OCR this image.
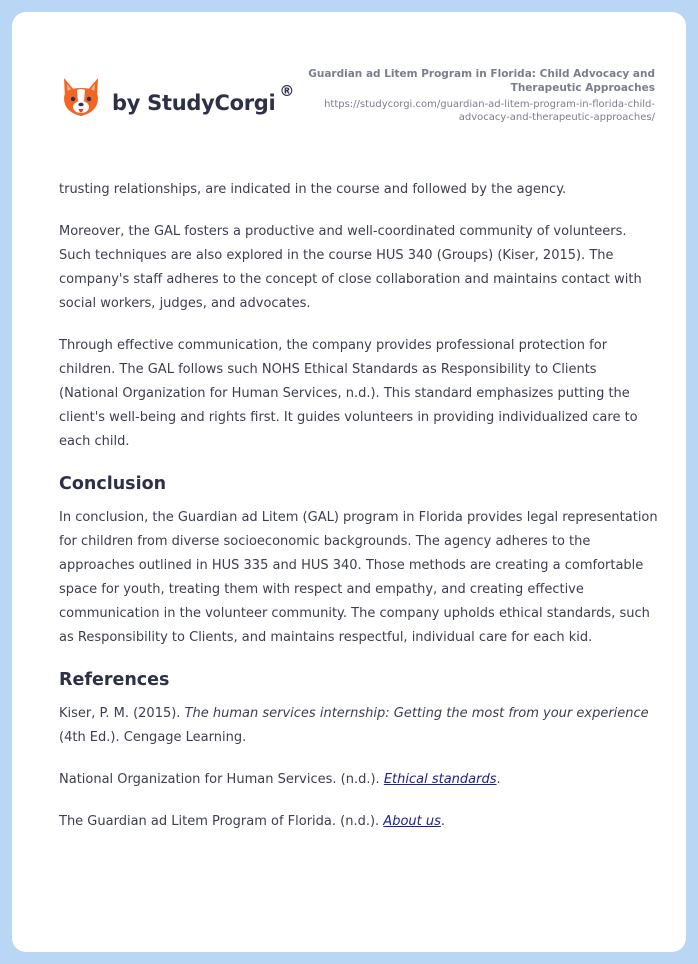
by StudyCorgi ®
Guardian ad Litem Program in Florida: Child Advocacy and Therapeutic Approaches
https://studycorgi.com/guardian-ad-litem-program-in-florida-child-advocacy-and-therapeutic-approaches/

trusting relationships, are indicated in the course and followed by the agency.

Moreover, the GAL fosters a productive and well-coordinated community of volunteers. Such techniques are also explored in the course HUS 340 (Groups) (Kiser, 2015). The company's staff adheres to the concept of close collaboration and maintains contact with social workers, judges, and advocates.

Through effective communication, the company provides professional protection for children. The GAL follows such NOHS Ethical Standards as Responsibility to Clients (National Organization for Human Services, n.d.). This standard emphasizes putting the client's well-being and rights first. It guides volunteers in providing individualized care to each child.

Conclusion

In conclusion, the Guardian ad Litem (GAL) program in Florida provides legal representation for children from diverse socioeconomic backgrounds. The agency adheres to the approaches outlined in HUS 335 and HUS 340. Those methods are creating a comfortable space for youth, treating them with respect and empathy, and creating effective communication in the volunteer community. The company upholds ethical standards, such as Responsibility to Clients, and maintains respectful, individual care for each kid.

References

Kiser, P. M. (2015). The human services internship: Getting the most from your experience (4th Ed.). Cengage Learning.

National Organization for Human Services. (n.d.). Ethical standards.

The Guardian ad Litem Program of Florida. (n.d.). About us.
